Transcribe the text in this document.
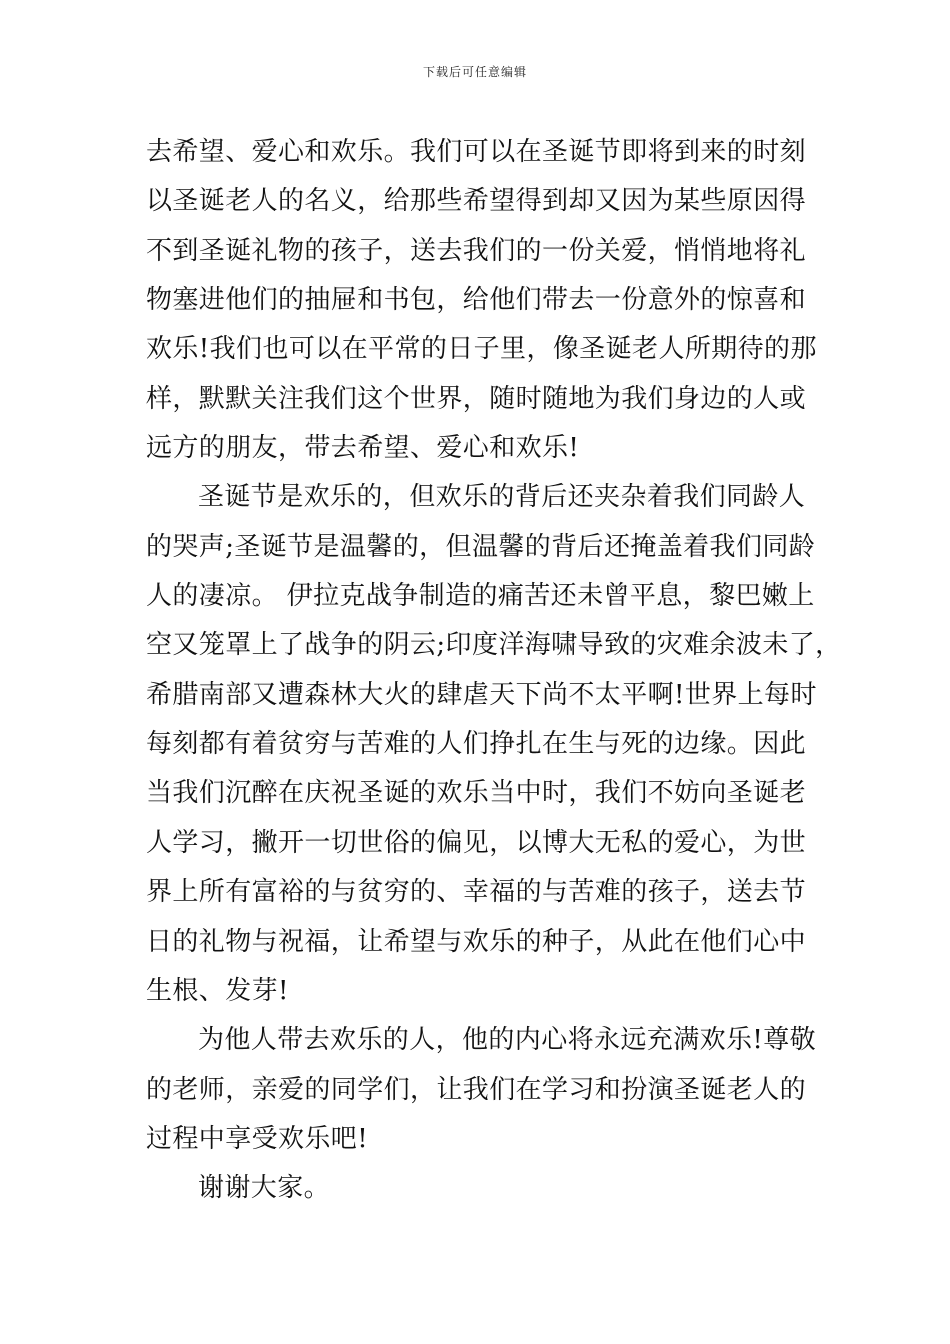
下载后可任意编辑
去希望、爱心和欢乐。我们可以在圣诞节即将到来的时刻
以圣诞老人的名义，给那些希望得到却又因为某些原因得
不到圣诞礼物的孩子，送去我们的一份关爱，悄悄地将礼
物塞进他们的抽屉和书包，给他们带去一份意外的惊喜和
欢乐!我们也可以在平常的日子里，像圣诞老人所期待的那
样，默默关注我们这个世界，随时随地为我们身边的人或
远方的朋友，带去希望、爱心和欢乐!
圣诞节是欢乐的，但欢乐的背后还夹杂着我们同龄人
的哭声;圣诞节是温馨的，但温馨的背后还掩盖着我们同龄
人的凄凉。 伊拉克战争制造的痛苦还未曾平息，黎巴嫩上
空又笼罩上了战争的阴云;印度洋海啸导致的灾难余波未了，
希腊南部又遭森林大火的肆虐天下尚不太平啊!世界上每时
每刻都有着贫穷与苦难的人们挣扎在生与死的边缘。因此
当我们沉醉在庆祝圣诞的欢乐当中时，我们不妨向圣诞老
人学习，撇开一切世俗的偏见，以博大无私的爱心，为世
界上所有富裕的与贫穷的、幸福的与苦难的孩子，送去节
日的礼物与祝福，让希望与欢乐的种子，从此在他们心中
生根、发芽!
为他人带去欢乐的人，他的内心将永远充满欢乐!尊敬
的老师，亲爱的同学们，让我们在学习和扮演圣诞老人的
过程中享受欢乐吧!
谢谢大家。
